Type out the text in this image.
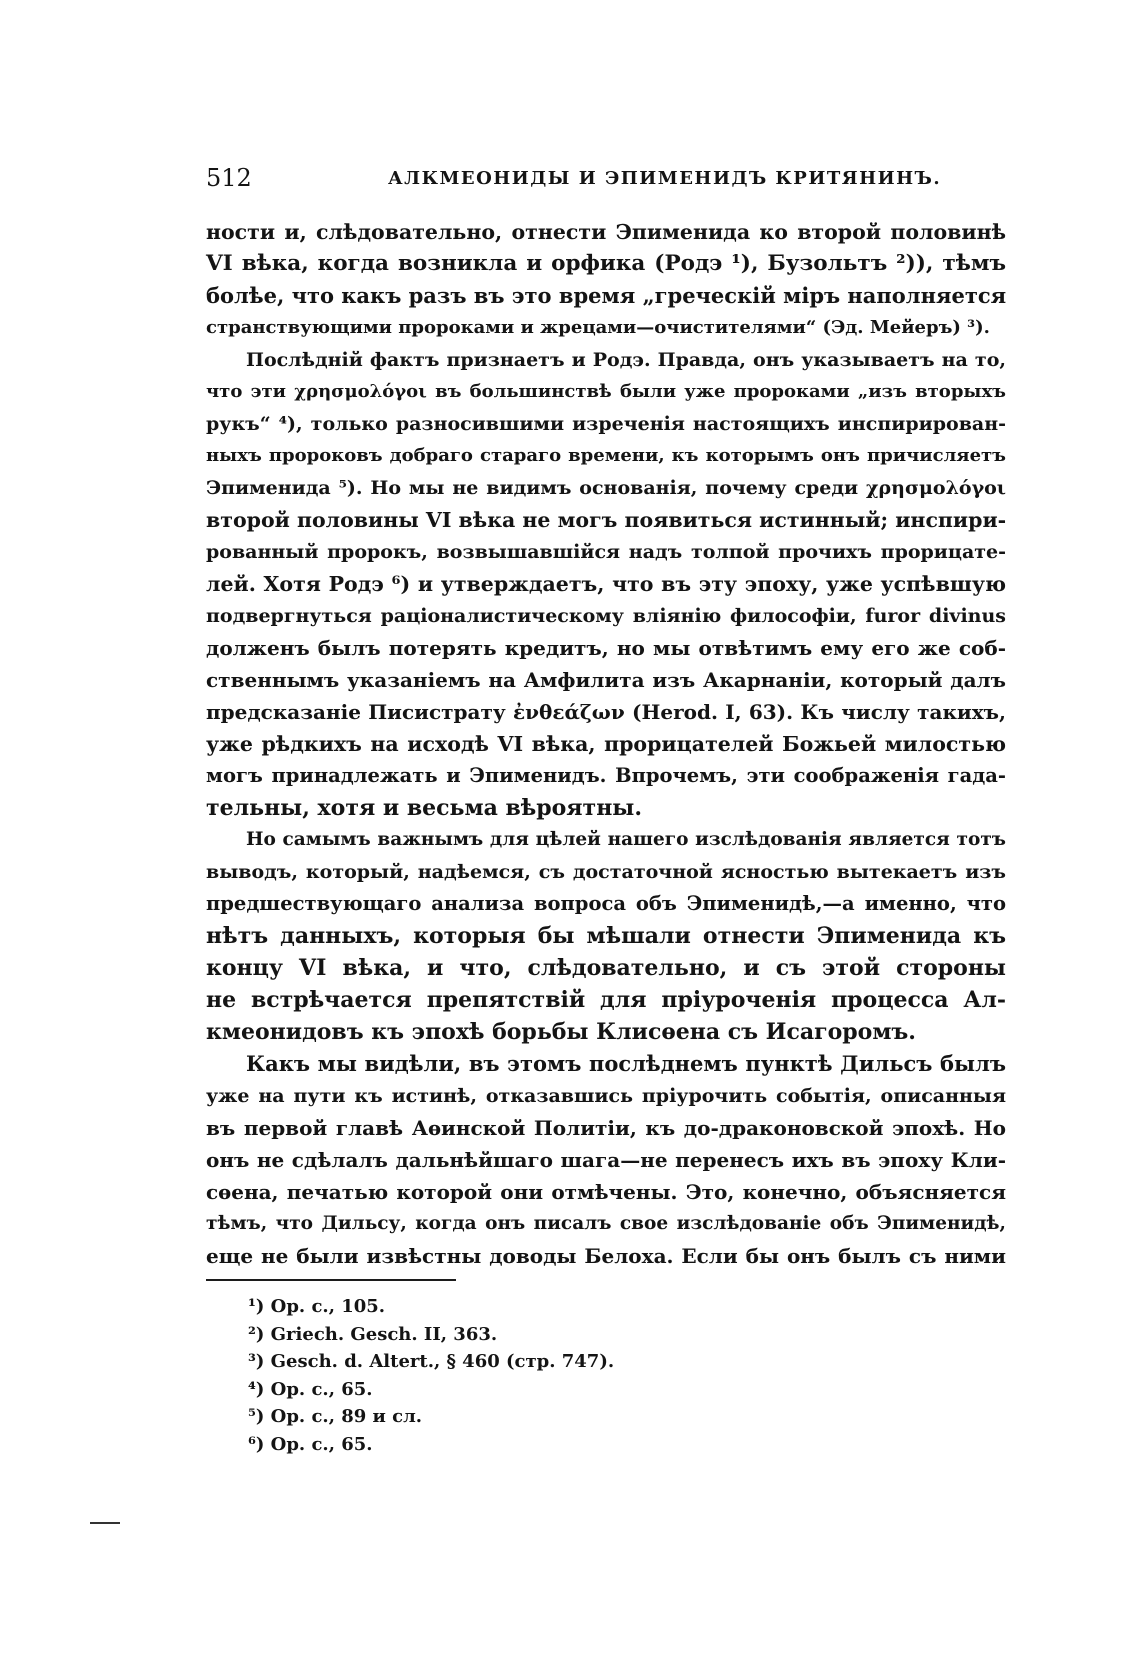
512	АЛКМЕОНИДЫ И ЭПИМЕНИДЪ КРИТЯНИНЪ.
ности и, слѣдовательно, отнести Эпименида ко второй половинѣ
VI вѣка, когда возникла и орфика (Родэ ¹), Бузольтъ ²)), тѣмъ
болѣе, что какъ разъ въ это время „греческій міръ наполняется
странствующими пророками и жрецами—очистителями“ (Эд. Мейеръ) ³).
Послѣдній фактъ признаетъ и Родэ. Правда, онъ указываетъ на то,
что эти χρησμολόγοι въ большинствѣ были уже пророками „изъ вторыхъ
рукъ“ ⁴), только разносившими изреченія настоящихъ инспирирован-
ныхъ пророковъ добраго стараго времени, къ которымъ онъ причисляетъ
Эпименида ⁵). Но мы не видимъ основанія, почему среди χρησμολόγοι
второй половины VI вѣка не могъ появиться истинный; инспири-
рованный пророкъ, возвышавшійся надъ толпой прочихъ прорицате-
лей. Хотя Родэ ⁶) и утверждаетъ, что въ эту эпоху, уже успѣвшую
подвергнуться раціоналистическому вліянію философіи, furor divinus
долженъ былъ потерять кредитъ, но мы отвѣтимъ ему его же соб-
ственнымъ указаніемъ на Амфилита изъ Акарнаніи, который далъ
предсказаніе Писистрату ἐνθεάζων (Herod. I, 63). Къ числу такихъ,
уже рѣдкихъ на исходѣ VI вѣка, прорицателей Божьей милостью
могъ принадлежать и Эпименидъ. Впрочемъ, эти соображенія гада-
тельны, хотя и весьма вѣроятны.
Но самымъ важнымъ для цѣлей нашего изслѣдованія является тотъ
выводъ, который, надѣемся, съ достаточной ясностью вытекаетъ изъ
предшествующаго анализа вопроса объ Эпименидѣ,—а именно, что
нѣтъ данныхъ, которыя бы мѣшали отнести Эпименида къ
концу VI вѣка, и что, слѣдовательно, и съ этой стороны
не встрѣчается препятствій для пріуроченія процесса Ал-
кмеонидовъ къ эпохѣ борьбы Клисѳена съ Исагоромъ.
Какъ мы видѣли, въ этомъ послѣднемъ пунктѣ Дильсъ былъ
уже на пути къ истинѣ, отказавшись пріурочить событія, описанныя
въ первой главѣ Аѳинской Политіи, къ до-драконовской эпохѣ. Но
онъ не сдѣлалъ дальнѣйшаго шага—не перенесъ ихъ въ эпоху Кли-
сѳена, печатью которой они отмѣчены. Это, конечно, объясняется
тѣмъ, что Дильсу, когда онъ писалъ свое изслѣдованіе объ Эпименидѣ,
еще не были извѣстны доводы Белоха. Если бы онъ былъ съ ними
¹) Op. c., 105.
²) Griech. Gesch. II, 363.
³) Gesch. d. Altert., § 460 (стр. 747).
⁴) Op. c., 65.
⁵) Op. c., 89 и сл.
⁶) Op. c., 65.
